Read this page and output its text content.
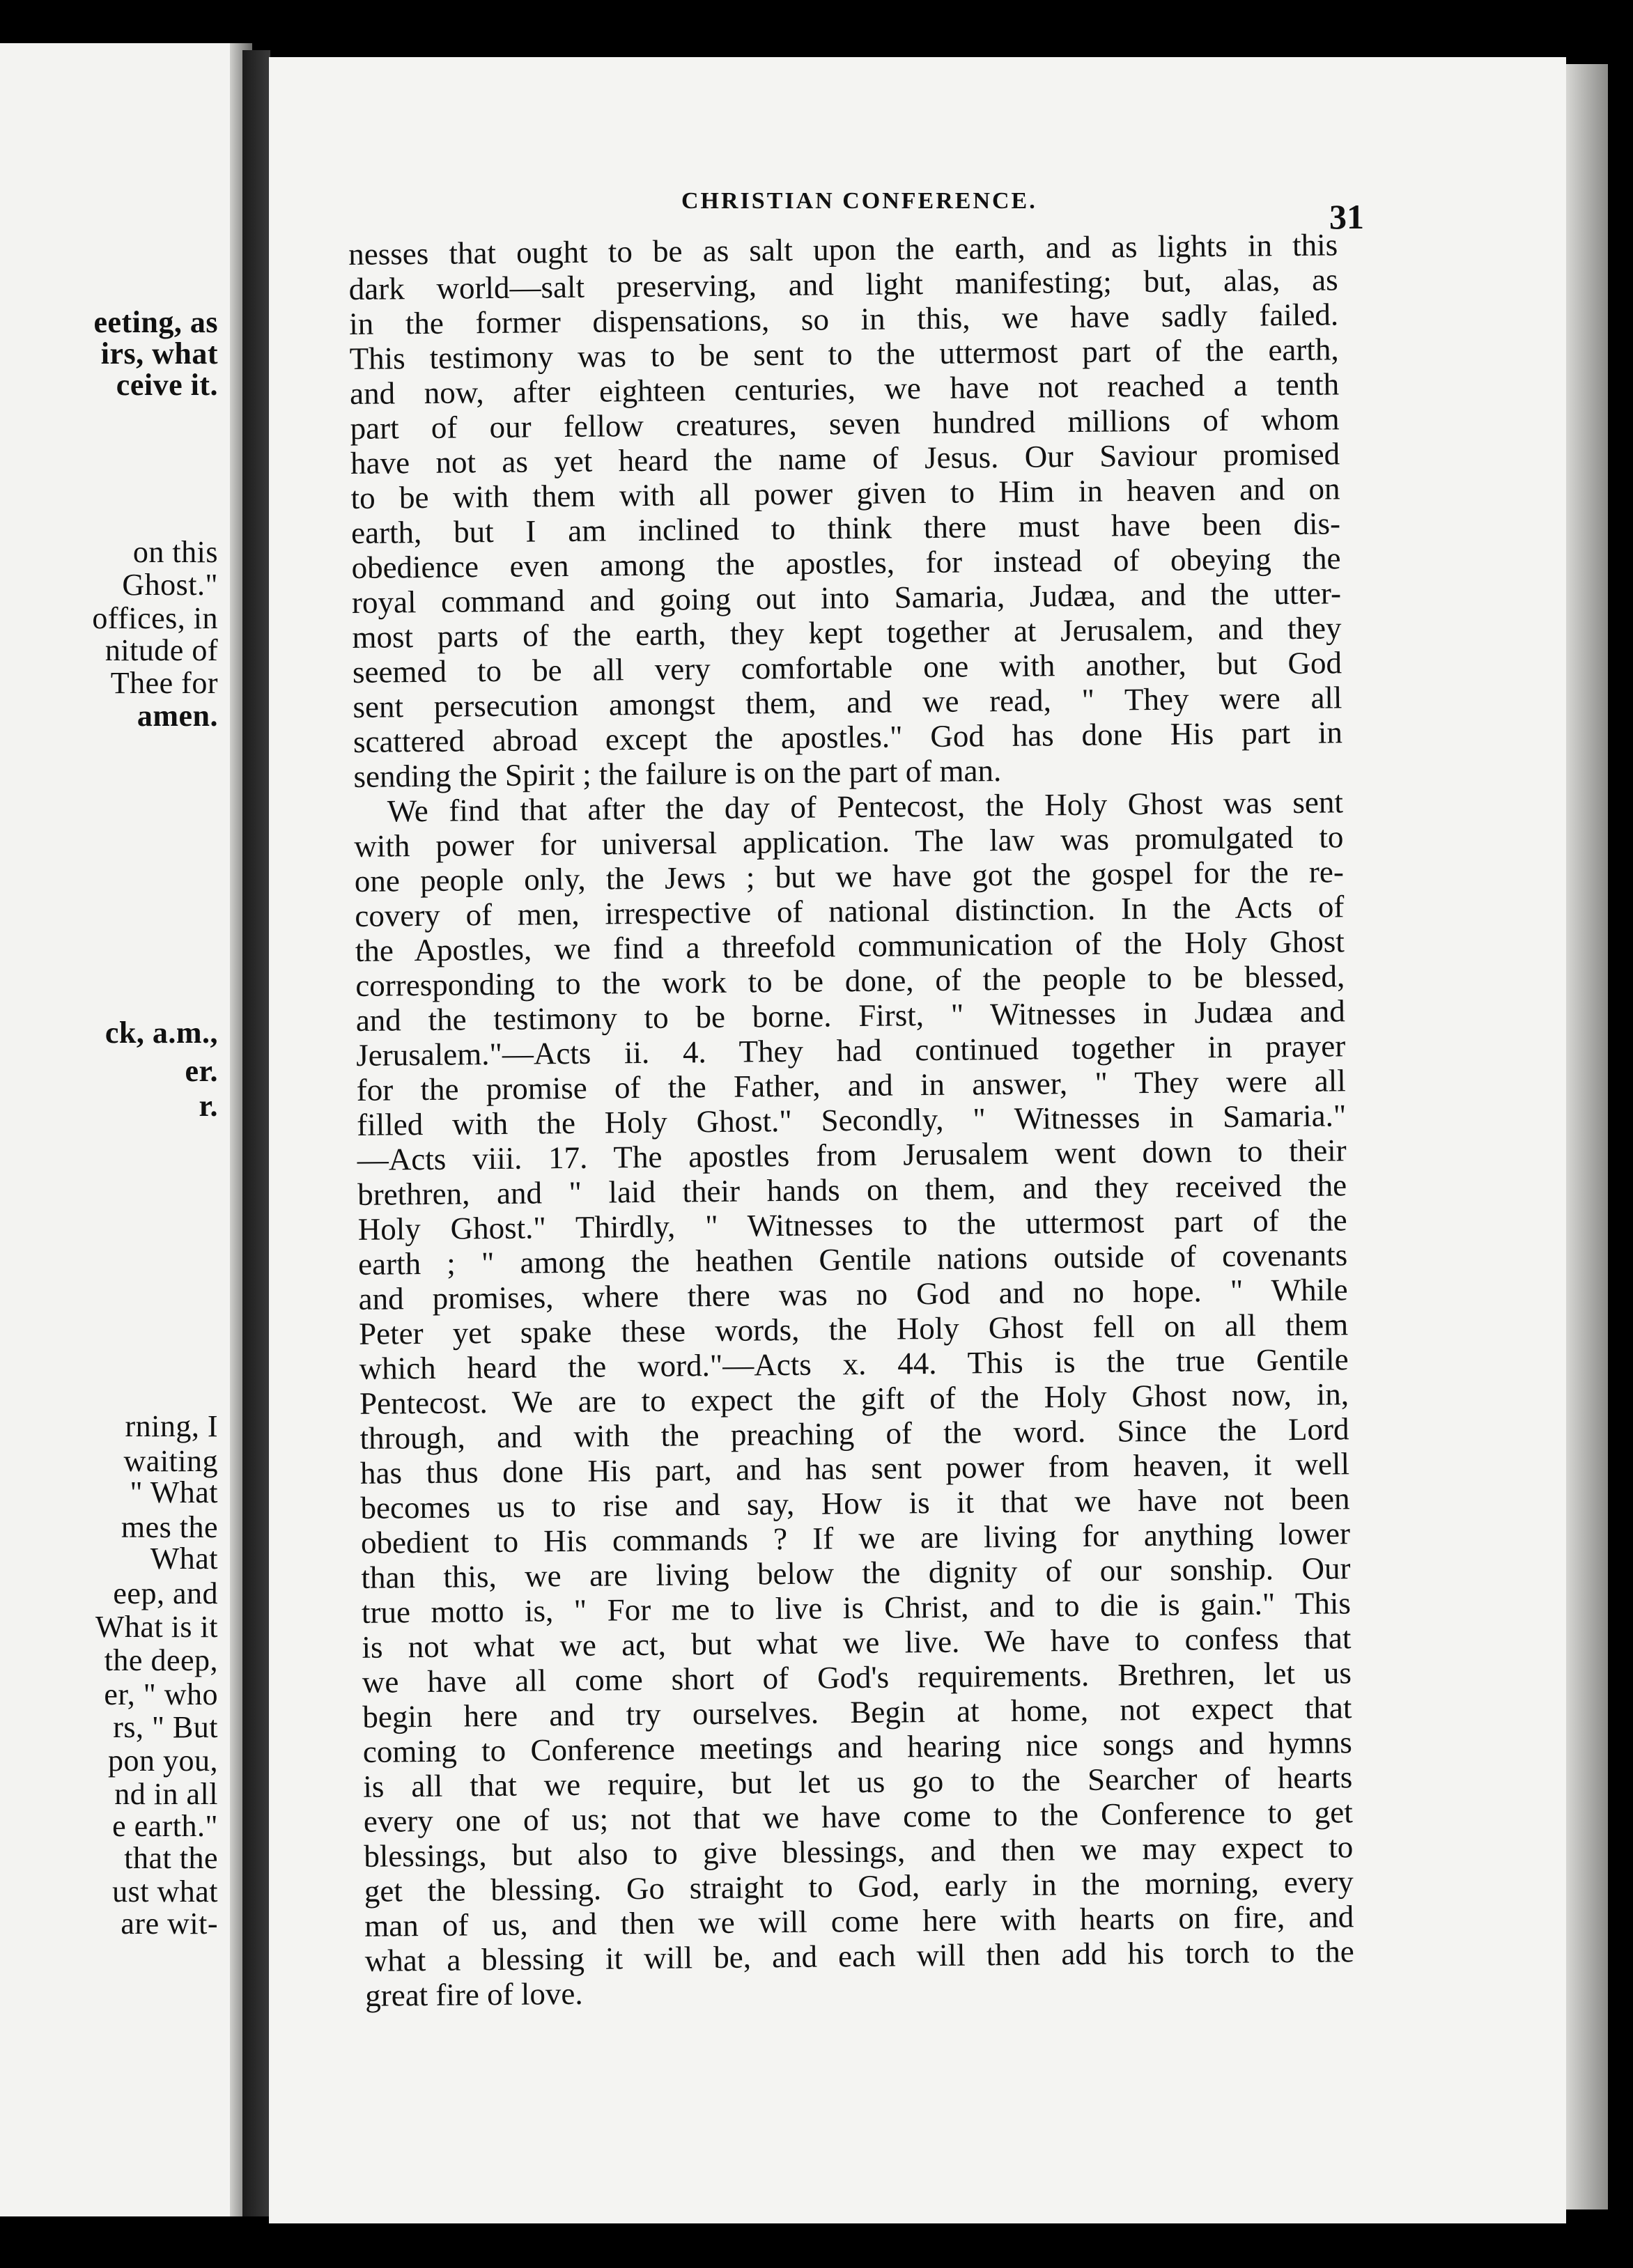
eeting, as
irs, what
ceive it.
on this
Ghost."
offices, in
nitude of
Thee for
amen.
ck, a.m.,
er.
r.
rning, I
waiting
" What
mes the
What
eep, and
What is it
the deep,
er, " who
rs, " But
pon you,
nd in all
e earth."
that the
ust what
are wit-
CHRISTIAN CONFERENCE.	31
nesses that ought to be as salt upon the earth, and as lights in this
dark world—salt preserving, and light manifesting; but, alas, as
in the former dispensations, so in this, we have sadly failed.
This testimony was to be sent to the uttermost part of the earth,
and now, after eighteen centuries, we have not reached a tenth
part of our fellow creatures, seven hundred millions of whom
have not as yet heard the name of Jesus. Our Saviour promised
to be with them with all power given to Him in heaven and on
earth, but I am inclined to think there must have been dis-
obedience even among the apostles, for instead of obeying the
royal command and going out into Samaria, Judæa, and the utter-
most parts of the earth, they kept together at Jerusalem, and they
seemed to be all very comfortable one with another, but God
sent persecution amongst them, and we read, " They were all
scattered abroad except the apostles." God has done His part in
sending the Spirit ; the failure is on the part of man.
We find that after the day of Pentecost, the Holy Ghost was sent
with power for universal application. The law was promulgated to
one people only, the Jews ; but we have got the gospel for the re-
covery of men, irrespective of national distinction. In the Acts of
the Apostles, we find a threefold communication of the Holy Ghost
corresponding to the work to be done, of the people to be blessed,
and the testimony to be borne. First, " Witnesses in Judæa and
Jerusalem."—Acts ii. 4. They had continued together in prayer
for the promise of the Father, and in answer, " They were all
filled with the Holy Ghost." Secondly, " Witnesses in Samaria."
—Acts viii. 17. The apostles from Jerusalem went down to their
brethren, and " laid their hands on them, and they received the
Holy Ghost." Thirdly, " Witnesses to the uttermost part of the
earth ; " among the heathen Gentile nations outside of covenants
and promises, where there was no God and no hope. " While
Peter yet spake these words, the Holy Ghost fell on all them
which heard the word."—Acts x. 44. This is the true Gentile
Pentecost. We are to expect the gift of the Holy Ghost now, in,
through, and with the preaching of the word. Since the Lord
has thus done His part, and has sent power from heaven, it well
becomes us to rise and say, How is it that we have not been
obedient to His commands ? If we are living for anything lower
than this, we are living below the dignity of our sonship. Our
true motto is, " For me to live is Christ, and to die is gain." This
is not what we act, but what we live. We have to confess that
we have all come short of God's requirements. Brethren, let us
begin here and try ourselves. Begin at home, not expect that
coming to Conference meetings and hearing nice songs and hymns
is all that we require, but let us go to the Searcher of hearts
every one of us; not that we have come to the Conference to get
blessings, but also to give blessings, and then we may expect to
get the blessing. Go straight to God, early in the morning, every
man of us, and then we will come here with hearts on fire, and
what a blessing it will be, and each will then add his torch to the
great fire of love.
